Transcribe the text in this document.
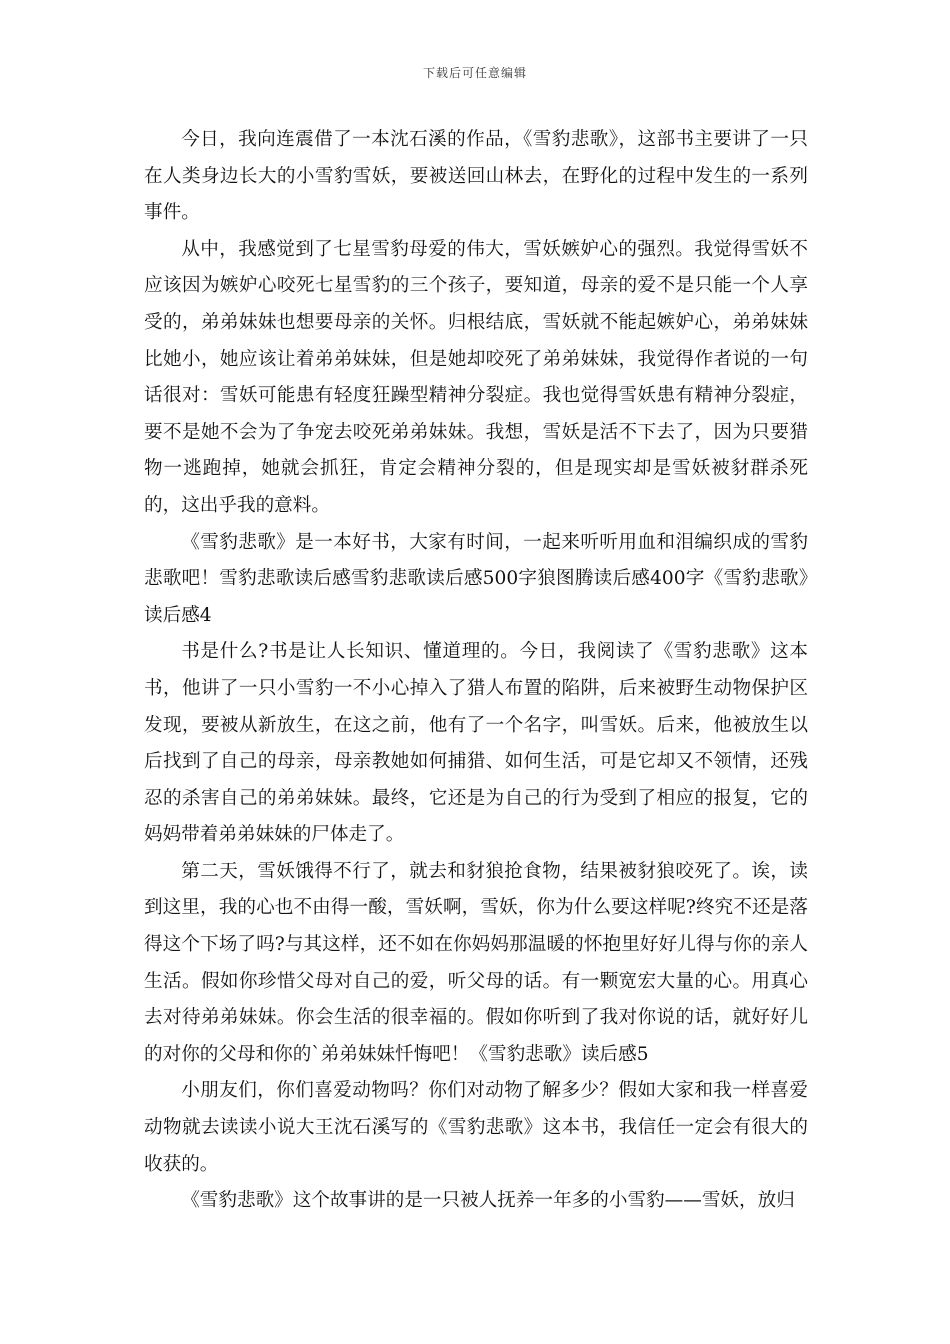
下载后可任意编辑

今日，我向连震借了一本沈石溪的作品，《雪豹悲歌》，这部书主要讲了一只在人类身边长大的小雪豹雪妖，要被送回山林去，在野化的过程中发生的一系列事件。

从中，我感觉到了七星雪豹母爱的伟大，雪妖嫉妒心的强烈。我觉得雪妖不应该因为嫉妒心咬死七星雪豹的三个孩子，要知道，母亲的爱不是只能一个人享受的，弟弟妹妹也想要母亲的关怀。归根结底，雪妖就不能起嫉妒心，弟弟妹妹比她小，她应该让着弟弟妹妹，但是她却咬死了弟弟妹妹，我觉得作者说的一句话很对：雪妖可能患有轻度狂躁型精神分裂症。我也觉得雪妖患有精神分裂症，要不是她不会为了争宠去咬死弟弟妹妹。我想，雪妖是活不下去了，因为只要猎物一逃跑掉，她就会抓狂，肯定会精神分裂的，但是现实却是雪妖被豺群杀死的，这出乎我的意料。

《雪豹悲歌》是一本好书，大家有时间，一起来听听用血和泪编织成的雪豹悲歌吧！雪豹悲歌读后感雪豹悲歌读后感500字狼图腾读后感400字《雪豹悲歌》读后感4

书是什么?书是让人长知识、懂道理的。今日，我阅读了《雪豹悲歌》这本书，他讲了一只小雪豹一不小心掉入了猎人布置的陷阱，后来被野生动物保护区发现，要被从新放生，在这之前，他有了一个名字，叫雪妖。后来，他被放生以后找到了自己的母亲，母亲教她如何捕猎、如何生活，可是它却又不领情，还残忍的杀害自己的弟弟妹妹。最终，它还是为自己的行为受到了相应的报复，它的妈妈带着弟弟妹妹的尸体走了。

第二天，雪妖饿得不行了，就去和豺狼抢食物，结果被豺狼咬死了。诶，读到这里，我的心也不由得一酸，雪妖啊，雪妖，你为什么要这样呢?终究不还是落得这个下场了吗?与其这样，还不如在你妈妈那温暖的怀抱里好好儿得与你的亲人生活。假如你珍惜父母对自己的爱，听父母的话。有一颗宽宏大量的心。用真心去对待弟弟妹妹。你会生活的很幸福的。假如你听到了我对你说的话，就好好儿的对你的父母和你的`弟弟妹妹忏悔吧！《雪豹悲歌》读后感5

小朋友们，你们喜爱动物吗？你们对动物了解多少？假如大家和我一样喜爱动物就去读读小说大王沈石溪写的《雪豹悲歌》这本书，我信任一定会有很大的收获的。

《雪豹悲歌》这个故事讲的是一只被人抚养一年多的小雪豹——雪妖，放归
